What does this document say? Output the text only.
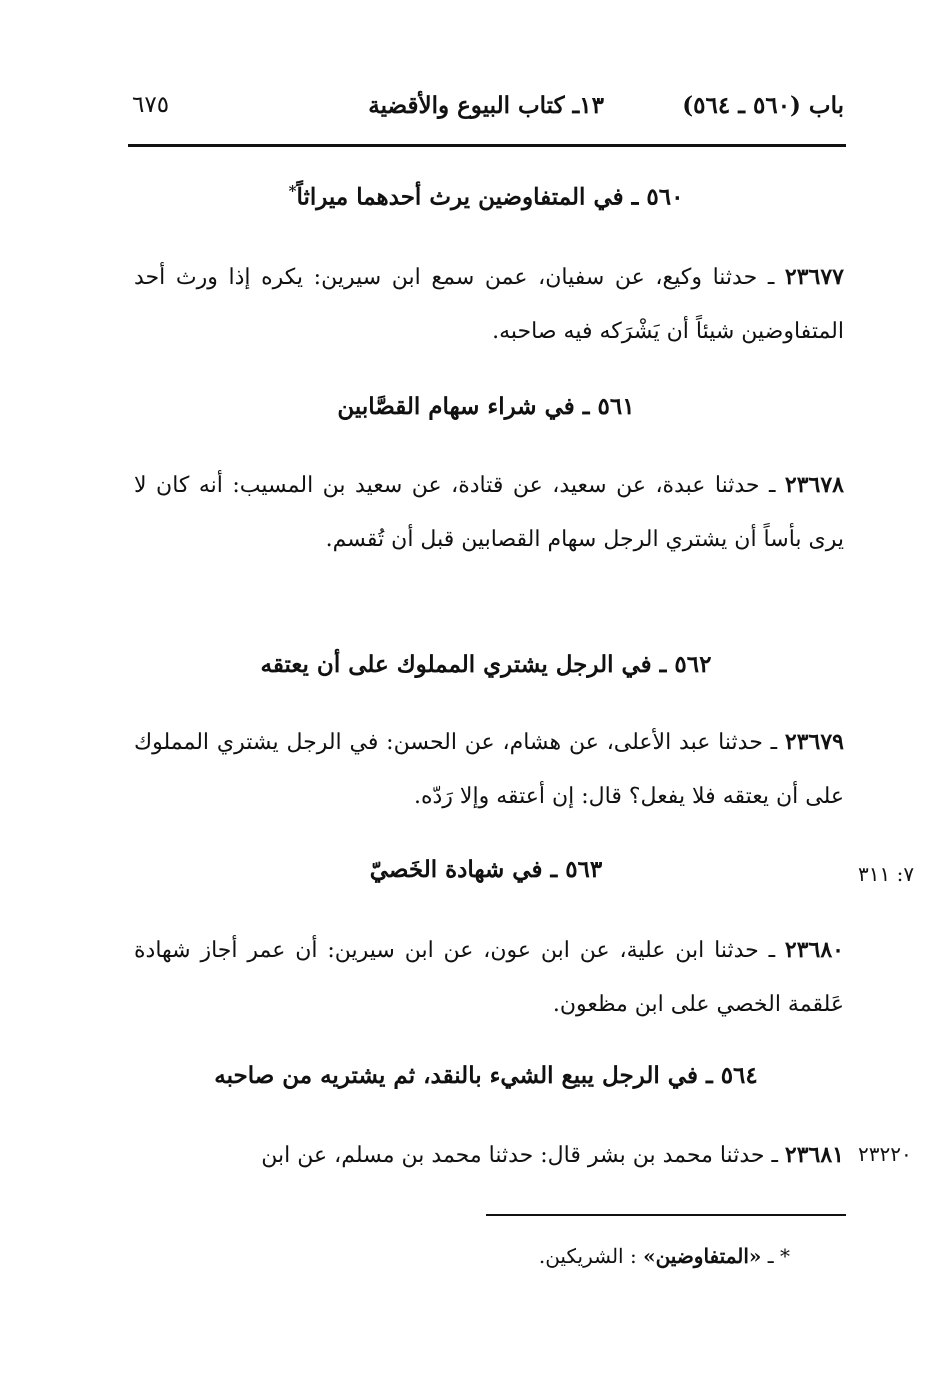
باب (٥٦٠ ـ ٥٦٤)
١٣ـ كتاب البيوع والأقضية
٦٧٥
٥٦٠ ـ في المتفاوضين يرث أحدهما ميراثاً*
٢٣٦٧٧ ـ حدثنا وكيع، عن سفيان، عمن سمع ابن سيرين: يكره إذا ورث أحد المتفاوضين شيئاً أن يَشْرَكه فيه صاحبه.
٥٦١ ـ في شراء سهام القصَّابين
٢٣٦٧٨ ـ حدثنا عبدة، عن سعيد، عن قتادة، عن سعيد بن المسيب: أنه كان لا يرى بأساً أن يشتري الرجل سهام القصابين قبل أن تُقسم.
٥٦٢ ـ في الرجل يشتري المملوك على أن يعتقه
٢٣٦٧٩ ـ حدثنا عبد الأعلى، عن هشام، عن الحسن: في الرجل يشتري المملوك على أن يعتقه فلا يفعل؟ قال: إن أعتقه وإلا رَدّه.
٥٦٣ ـ في شهادة الخَصيّ	٧: ٣١١
٢٣٦٨٠ ـ حدثنا ابن علية، عن ابن عون، عن ابن سيرين: أن عمر أجاز شهادة عَلقمة الخصي على ابن مظعون.
٥٦٤ ـ في الرجل يبيع الشيء بالنقد، ثم يشتريه من صاحبه
٢٣٢٢٠
٢٣٦٨١ ـ حدثنا محمد بن بشر قال: حدثنا محمد بن مسلم، عن ابن
* ـ «المتفاوضين» : الشريكين.
